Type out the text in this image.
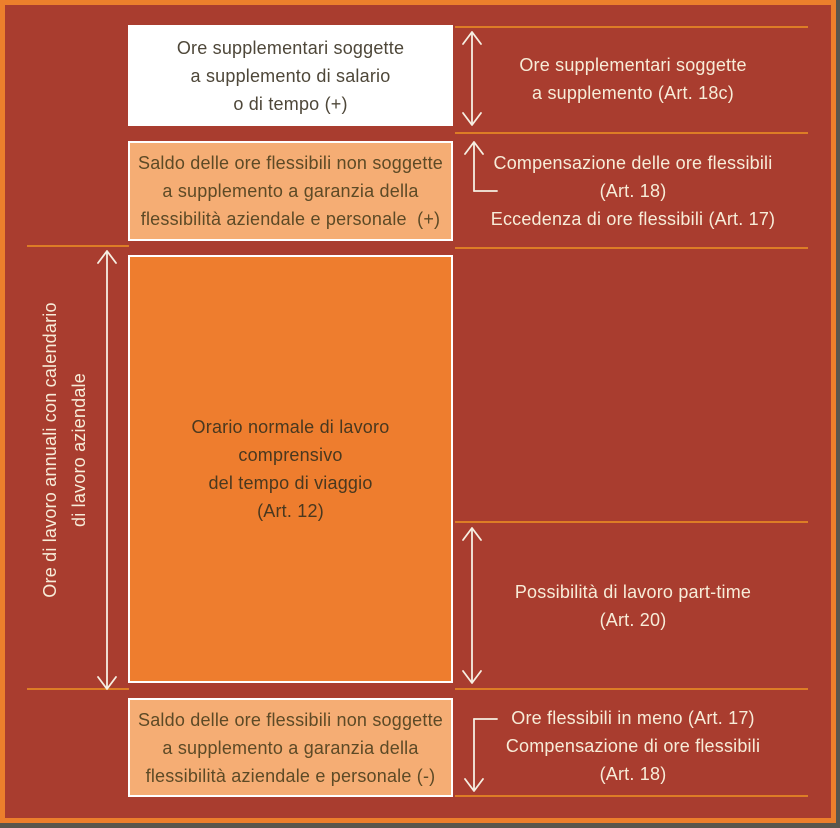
Ore di lavoro annuali con calendario di lavoro aziendale
Ore supplementari soggette
a supplemento di salario
o di tempo (+)
Saldo delle ore flessibili non soggette
a supplemento a garanzia della
flessibilità aziendale e personale  (+)
Orario normale di lavoro
comprensivo
del tempo di viaggio
(Art. 12)
Saldo delle ore flessibili non soggette
a supplemento a garanzia della
flessibilità aziendale e personale (-)
Ore supplementari soggette
a supplemento (Art. 18c)
Compensazione delle ore flessibili
(Art. 18)
Eccedenza di ore flessibili (Art. 17)
Possibilità di lavoro part-time
(Art. 20)
Ore flessibili in meno (Art. 17)
Compensazione di ore flessibili
(Art. 18)
